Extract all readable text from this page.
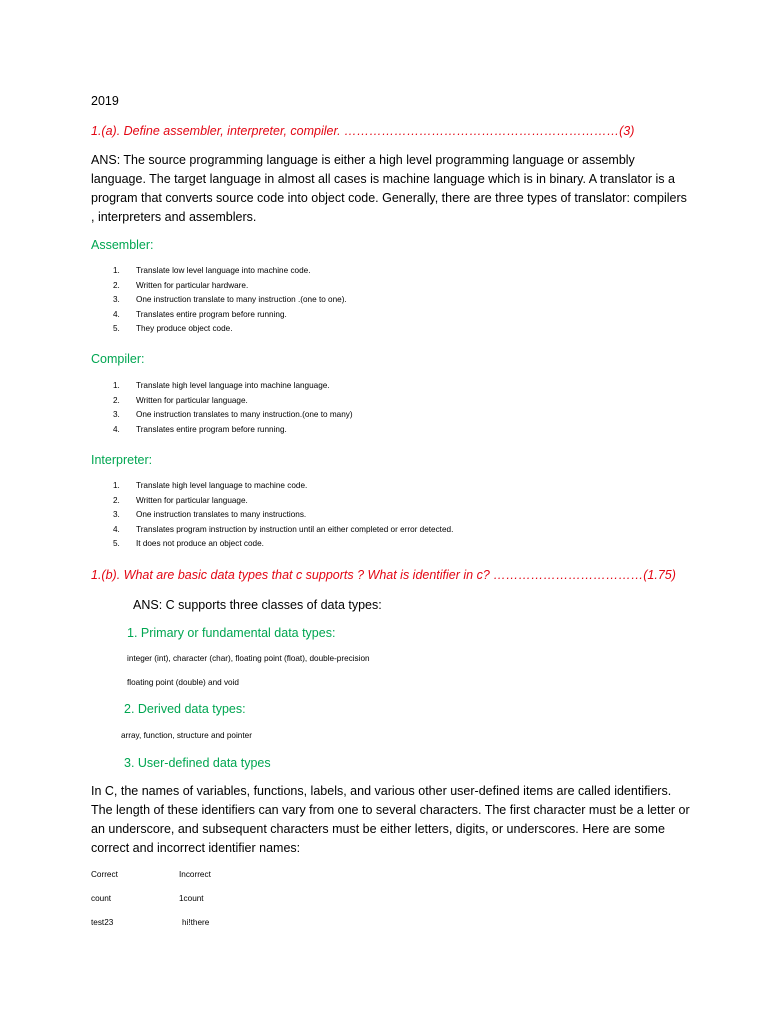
2019
1.(a). Define assembler, interpreter, compiler. …………………………………………………………(3)
ANS: The source programming language is either a high level programming language or assembly language. The target language in almost all cases is machine language which is in binary. A translator is a program that converts source code into object code. Generally, there are three types of translator: compilers , interpreters and assemblers.
Assembler:
1. Translate low level language into machine code.
2. Written for particular hardware.
3. One instruction translate to many instruction .(one to one).
4. Translates entire program before running.
5. They produce object code.
Compiler:
1. Translate high level language into machine language.
2. Written for particular language.
3. One instruction translates to many instruction.(one to many)
4. Translates entire program before running.
Interpreter:
1. Translate high level language to machine code.
2. Written for particular language.
3. One instruction translates to many instructions.
4. Translates program instruction by instruction until an either completed or error detected.
5. It does not produce an object code.
1.(b). What are basic data types that c supports ? What is identifier in c? ………………………………(1.75)
ANS: C supports three classes of data types:
1. Primary or fundamental data types:
integer (int), character (char), floating point (float), double-precision
floating point (double) and void
2. Derived data types:
array, function, structure and pointer
3. User-defined data types
In C, the names of variables, functions, labels, and various other user-defined items are called identifiers. The length of these identifiers can vary from one to several characters. The first character must be a letter or an underscore, and subsequent characters must be either letters, digits, or underscores. Here are some correct and incorrect identifier names:
Correct	Incorrect
count	1count
test23	hi!there
